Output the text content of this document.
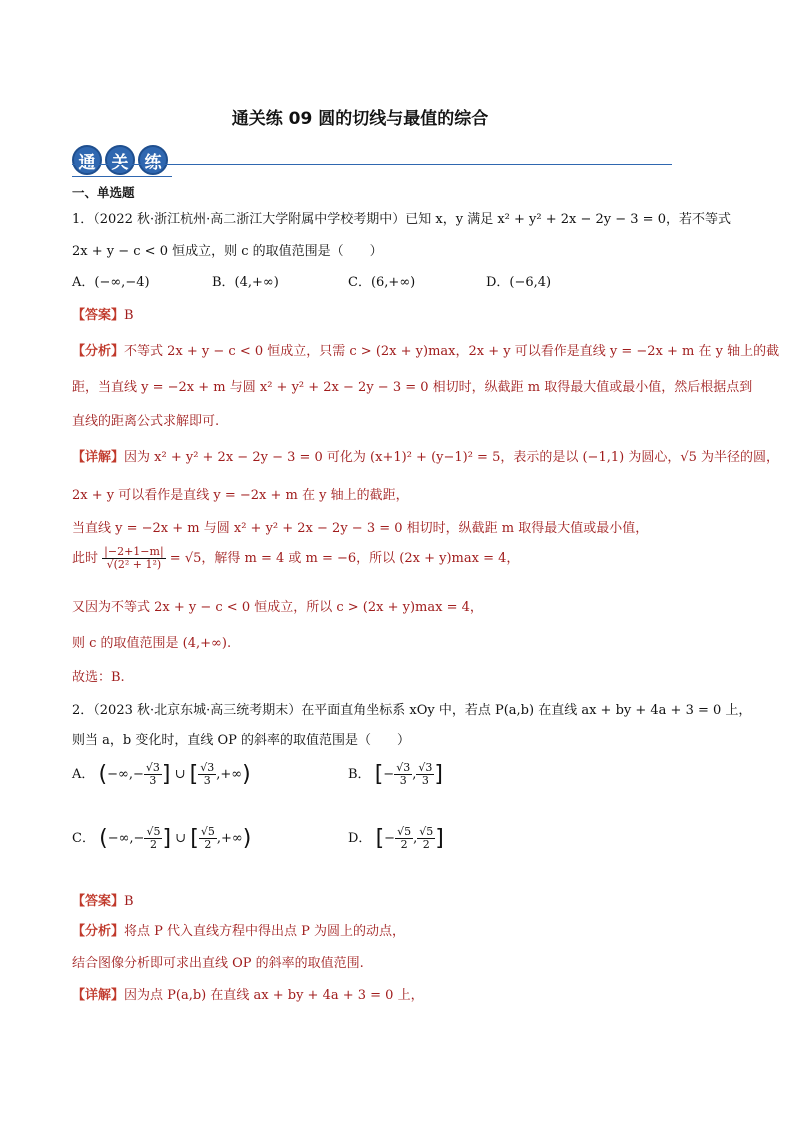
通关练 09 圆的切线与最值的综合
通 关 练
一、单选题
1．（2022 秋·浙江杭州·高二浙江大学附属中学校考期中）已知 x，y 满足 x² + y² + 2x − 2y − 3 = 0，若不等式
2x + y − c < 0 恒成立，则 c 的取值范围是（　　）
A．(−∞,−4)	B．(4,+∞)	C．(6,+∞)	D．(−6,4)
【答案】B
【分析】不等式 2x + y − c < 0 恒成立，只需 c > (2x + y)max，2x + y 可以看作是直线 y = −2x + m 在 y 轴上的截
距，当直线 y = −2x + m 与圆 x² + y² + 2x − 2y − 3 = 0 相切时，纵截距 m 取得最大值或最小值，然后根据点到
直线的距离公式求解即可.
【详解】因为 x² + y² + 2x − 2y − 3 = 0 可化为 (x+1)² + (y−1)² = 5，表示的是以 (−1,1) 为圆心，√5 为半径的圆，
2x + y 可以看作是直线 y = −2x + m 在 y 轴上的截距，
当直线 y = −2x + m 与圆 x² + y² + 2x − 2y − 3 = 0 相切时，纵截距 m 取得最大值或最小值，
此时 $\frac{|-2+1-m|}{\text{√(2² + 1²)}} = √5$，解得 m = 4 或 m = −6，所以 (2x + y)max = 4，
又因为不等式 2x + y − c < 0 恒成立，所以 c > (2x + y)max = 4，
则 c 的取值范围是 (4,+∞).
故选：B.
2．（2023 秋·北京东城·高三统考期末）在平面直角坐标系 xOy 中，若点 P(a,b) 在直线 ax + by + 4a + 3 = 0 上，
则当 a，b 变化时，直线 OP 的斜率的取值范围是（　　）
A． (−∞,− $\frac{√3}{3}$ ] ∪ [ $\frac{√3}{3}$ ,+∞)	B． [− $\frac{√3}{3}$ , $\frac{√3}{3}$ ]
C． (−∞,− $\frac{√5}{2}$ ] ∪ [ $\frac{√5}{2}$ ,+∞)	D． [− $\frac{√5}{2}$ , $\frac{√5}{2}$ ]
【答案】B
【分析】将点 P 代入直线方程中得出点 P 为圆上的动点，
结合图像分析即可求出直线 OP 的斜率的取值范围.
【详解】因为点 P(a,b) 在直线 ax + by + 4a + 3 = 0 上，
